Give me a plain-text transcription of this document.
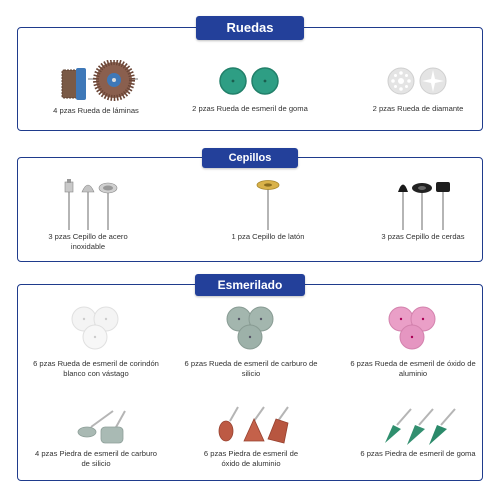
Ruedas
4 pzas Rueda de láminas	2 pzas Rueda de esmeril de goma	2 pzas Rueda de diamante
Cepillos
3 pzas Cepillo de acero inoxidable
1 pza Cepillo de latón	3 pzas Cepillo de cerdas
Esmerilado
6 pzas Rueda de esmeril de corindón blanco con vástago
6 pzas Rueda de esmeril de carburo de silicio
6 pzas Rueda de esmeril de óxido de aluminio
4 pzas Piedra de esmeril de carburo de silicio
6 pzas Piedra de esmeril de óxido de aluminio
6 pzas Piedra de esmeril de goma
